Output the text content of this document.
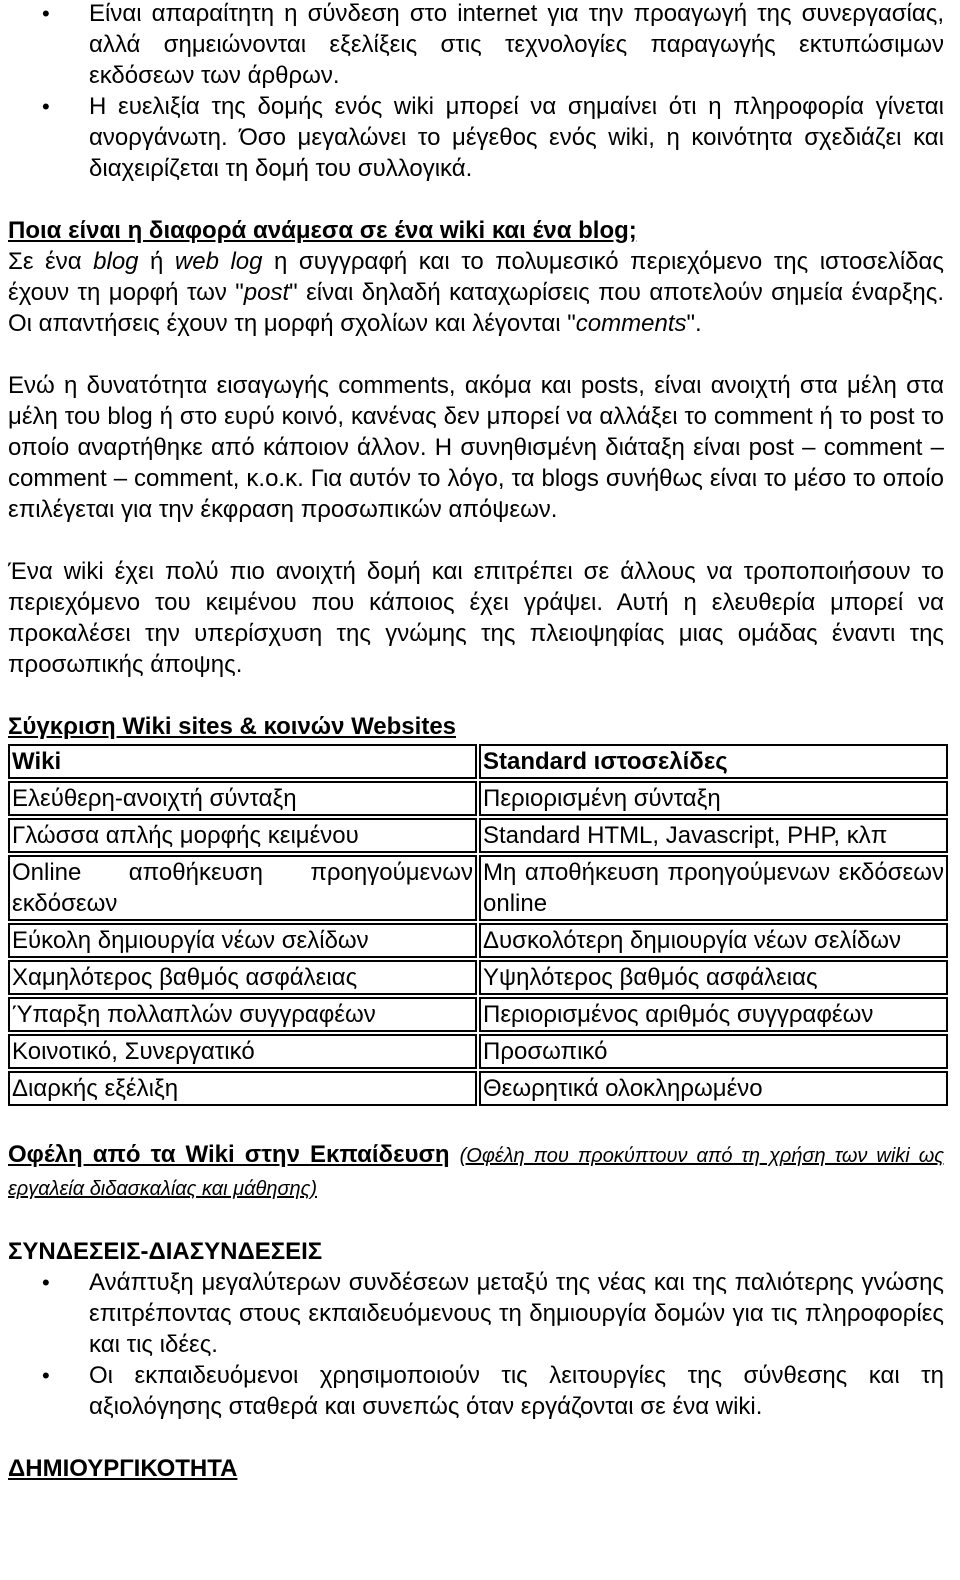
• Είναι απαραίτητη η σύνδεση στο internet για την προαγωγή της συνεργασίας, αλλά σημειώνονται εξελίξεις στις τεχνολογίες παραγωγής εκτυπώσιμων εκδόσεων των άρθρων.
• Η ευελιξία της δομής ενός wiki μπορεί να σημαίνει ότι η πληροφορία γίνεται ανοργάνωτη. Όσο μεγαλώνει το μέγεθος ενός wiki, η κοινότητα σχεδιάζει και διαχειρίζεται τη δομή του συλλογικά.

Ποια είναι η διαφορά ανάμεσα σε ένα wiki και ένα blog;

Σε ένα blog ή web log η συγγραφή και το πολυμεσικό περιεχόμενο της ιστοσελίδας έχουν τη μορφή των "post" είναι δηλαδή καταχωρίσεις που αποτελούν σημεία έναρξης. Οι απαντήσεις έχουν τη μορφή σχολίων και λέγονται "comments".

Ενώ η δυνατότητα εισαγωγής comments, ακόμα και posts, είναι ανοιχτή στα μέλη στα μέλη του blog ή στο ευρύ κοινό, κανένας δεν μπορεί να αλλάξει το comment ή το post το οποίο αναρτήθηκε από κάποιον άλλον. Η συνηθισμένη διάταξη είναι post – comment – comment – comment, κ.ο.κ. Για αυτόν το λόγο, τα blogs συνήθως είναι το μέσο το οποίο επιλέγεται για την έκφραση προσωπικών απόψεων.

Ένα wiki έχει πολύ πιο ανοιχτή δομή και επιτρέπει σε άλλους να τροποποιήσουν το περιεχόμενο του κειμένου που κάποιος έχει γράψει. Αυτή η ελευθερία μπορεί να προκαλέσει την υπερίσχυση της γνώμης της πλειοψηφίας μιας ομάδας έναντι της προσωπικής άποψης.

Σύγκριση Wiki sites & κοινών Websites

Wiki	Standard ιστοσελίδες
Ελεύθερη-ανοιχτή σύνταξη	Περιορισμένη σύνταξη
Γλώσσα απλής μορφής κειμένου	Standard HTML, Javascript, PHP, κλπ
Online αποθήκευση προηγούμενων εκδόσεων	Μη αποθήκευση προηγούμενων εκδόσεων online
Εύκολη δημιουργία νέων σελίδων	Δυσκολότερη δημιουργία νέων σελίδων
Χαμηλότερος βαθμός ασφάλειας	Υψηλότερος βαθμός ασφάλειας
Ύπαρξη πολλαπλών συγγραφέων	Περιορισμένος αριθμός συγγραφέων
Κοινοτικό, Συνεργατικό	Προσωπικό
Διαρκής εξέλιξη	Θεωρητικά ολοκληρωμένο

Οφέλη από τα Wiki στην Εκπαίδευση (Οφέλη που προκύπτουν από τη χρήση των wiki ως εργαλεία διδασκαλίας και μάθησης)

ΣΥΝΔΕΣΕΙΣ-ΔΙΑΣΥΝΔΕΣΕΙΣ

• Ανάπτυξη μεγαλύτερων συνδέσεων μεταξύ της νέας και της παλιότερης γνώσης επιτρέποντας στους εκπαιδευόμενους τη δημιουργία δομών για τις πληροφορίες και τις ιδέες.
• Οι εκπαιδευόμενοι χρησιμοποιούν τις λειτουργίες της σύνθεσης και τη αξιολόγησης σταθερά και συνεπώς όταν εργάζονται σε ένα wiki.

ΔΗΜΙΟΥΡΓΙΚΟΤΗΤΑ
